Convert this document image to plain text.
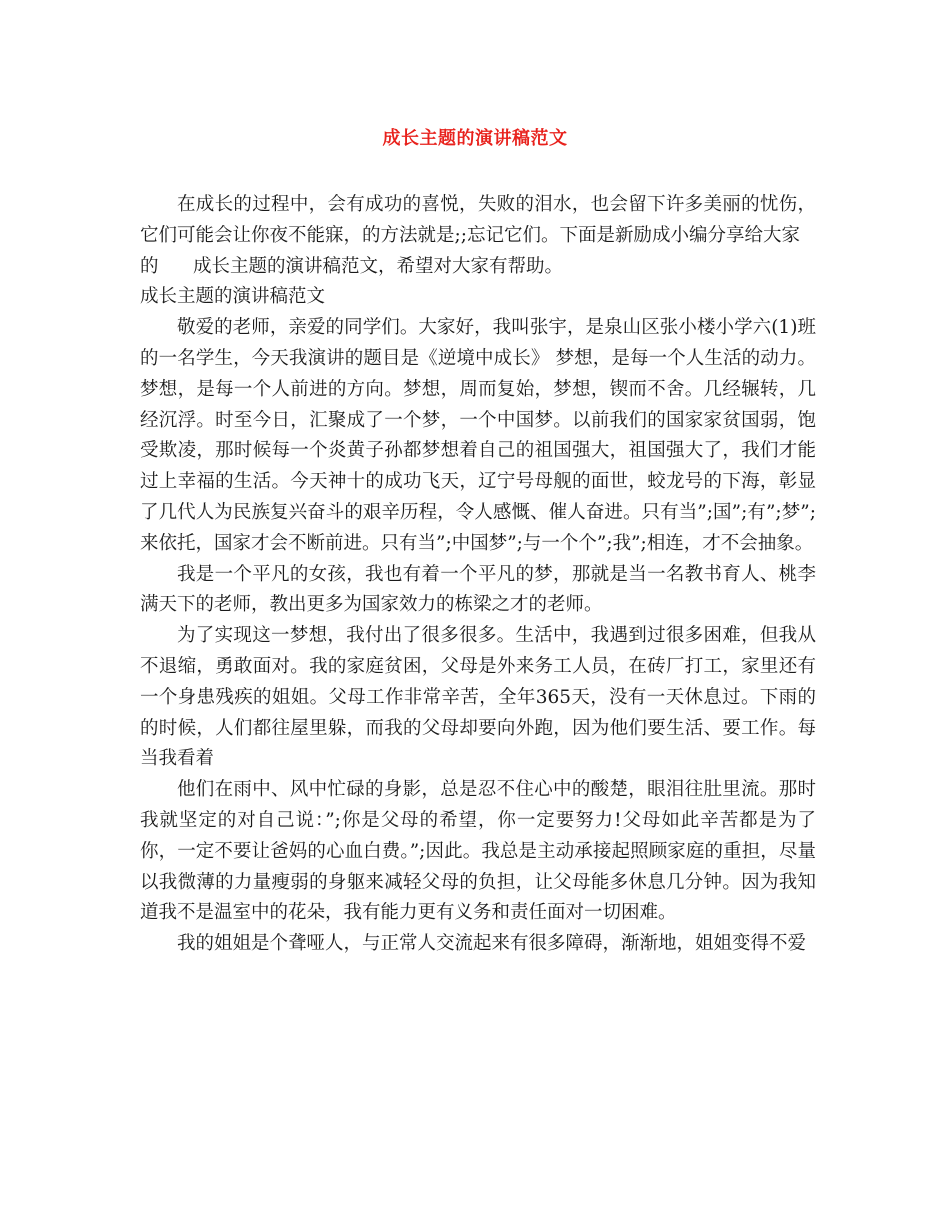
成长主题的演讲稿范文

在成长的过程中，会有成功的喜悦，失败的泪水，也会留下许多美丽的忧伤，它们可能会让你夜不能寐，的方法就是;;忘记它们。下面是新励成小编分享给大家

的	成长主题的演讲稿范文，希望对大家有帮助。

成长主题的演讲稿范文

敬爱的老师，亲爱的同学们。大家好，我叫张宇，是泉山区张小楼小学六(1)班的一名学生，今天我演讲的题目是《逆境中成长》 梦想，是每一个人生活的动力。梦想，是每一个人前进的方向。梦想，周而复始，梦想，锲而不舍。几经辗转，几经沉浮。时至今日，汇聚成了一个梦，一个中国梦。以前我们的国家家贫国弱，饱受欺凌，那时候每一个炎黄子孙都梦想着自己的祖国强大，祖国强大了，我们才能过上幸福的生活。今天神十的成功飞天，辽宁号母舰的面世，蛟龙号的下海，彰显了几代人为民族复兴奋斗的艰辛历程，令人感慨、催人奋进。只有当”;国”;有”;梦”;来依托，国家才会不断前进。只有当”;中国梦”;与一个个”;我”;相连，才不会抽象。

我是一个平凡的女孩，我也有着一个平凡的梦，那就是当一名教书育人、桃李满天下的老师，教出更多为国家效力的栋梁之才的老师。

为了实现这一梦想，我付出了很多很多。生活中，我遇到过很多困难，但我从不退缩，勇敢面对。我的家庭贫困，父母是外来务工人员，在砖厂打工，家里还有一个身患残疾的姐姐。父母工作非常辛苦，全年365天，没有一天休息过。下雨的的时候，人们都往屋里躲，而我的父母却要向外跑，因为他们要生活、要工作。每当我看着

他们在雨中、风中忙碌的身影，总是忍不住心中的酸楚，眼泪往肚里流。那时我就坚定的对自己说：”;你是父母的希望，你一定要努力!父母如此辛苦都是为了你，一定不要让爸妈的心血白费。”;因此。我总是主动承接起照顾家庭的重担，尽量以我微薄的力量瘦弱的身躯来减轻父母的负担，让父母能多休息几分钟。因为我知道我不是温室中的花朵，我有能力更有义务和责任面对一切困难。

我的姐姐是个聋哑人，与正常人交流起来有很多障碍，渐渐地，姐姐变得不爱
